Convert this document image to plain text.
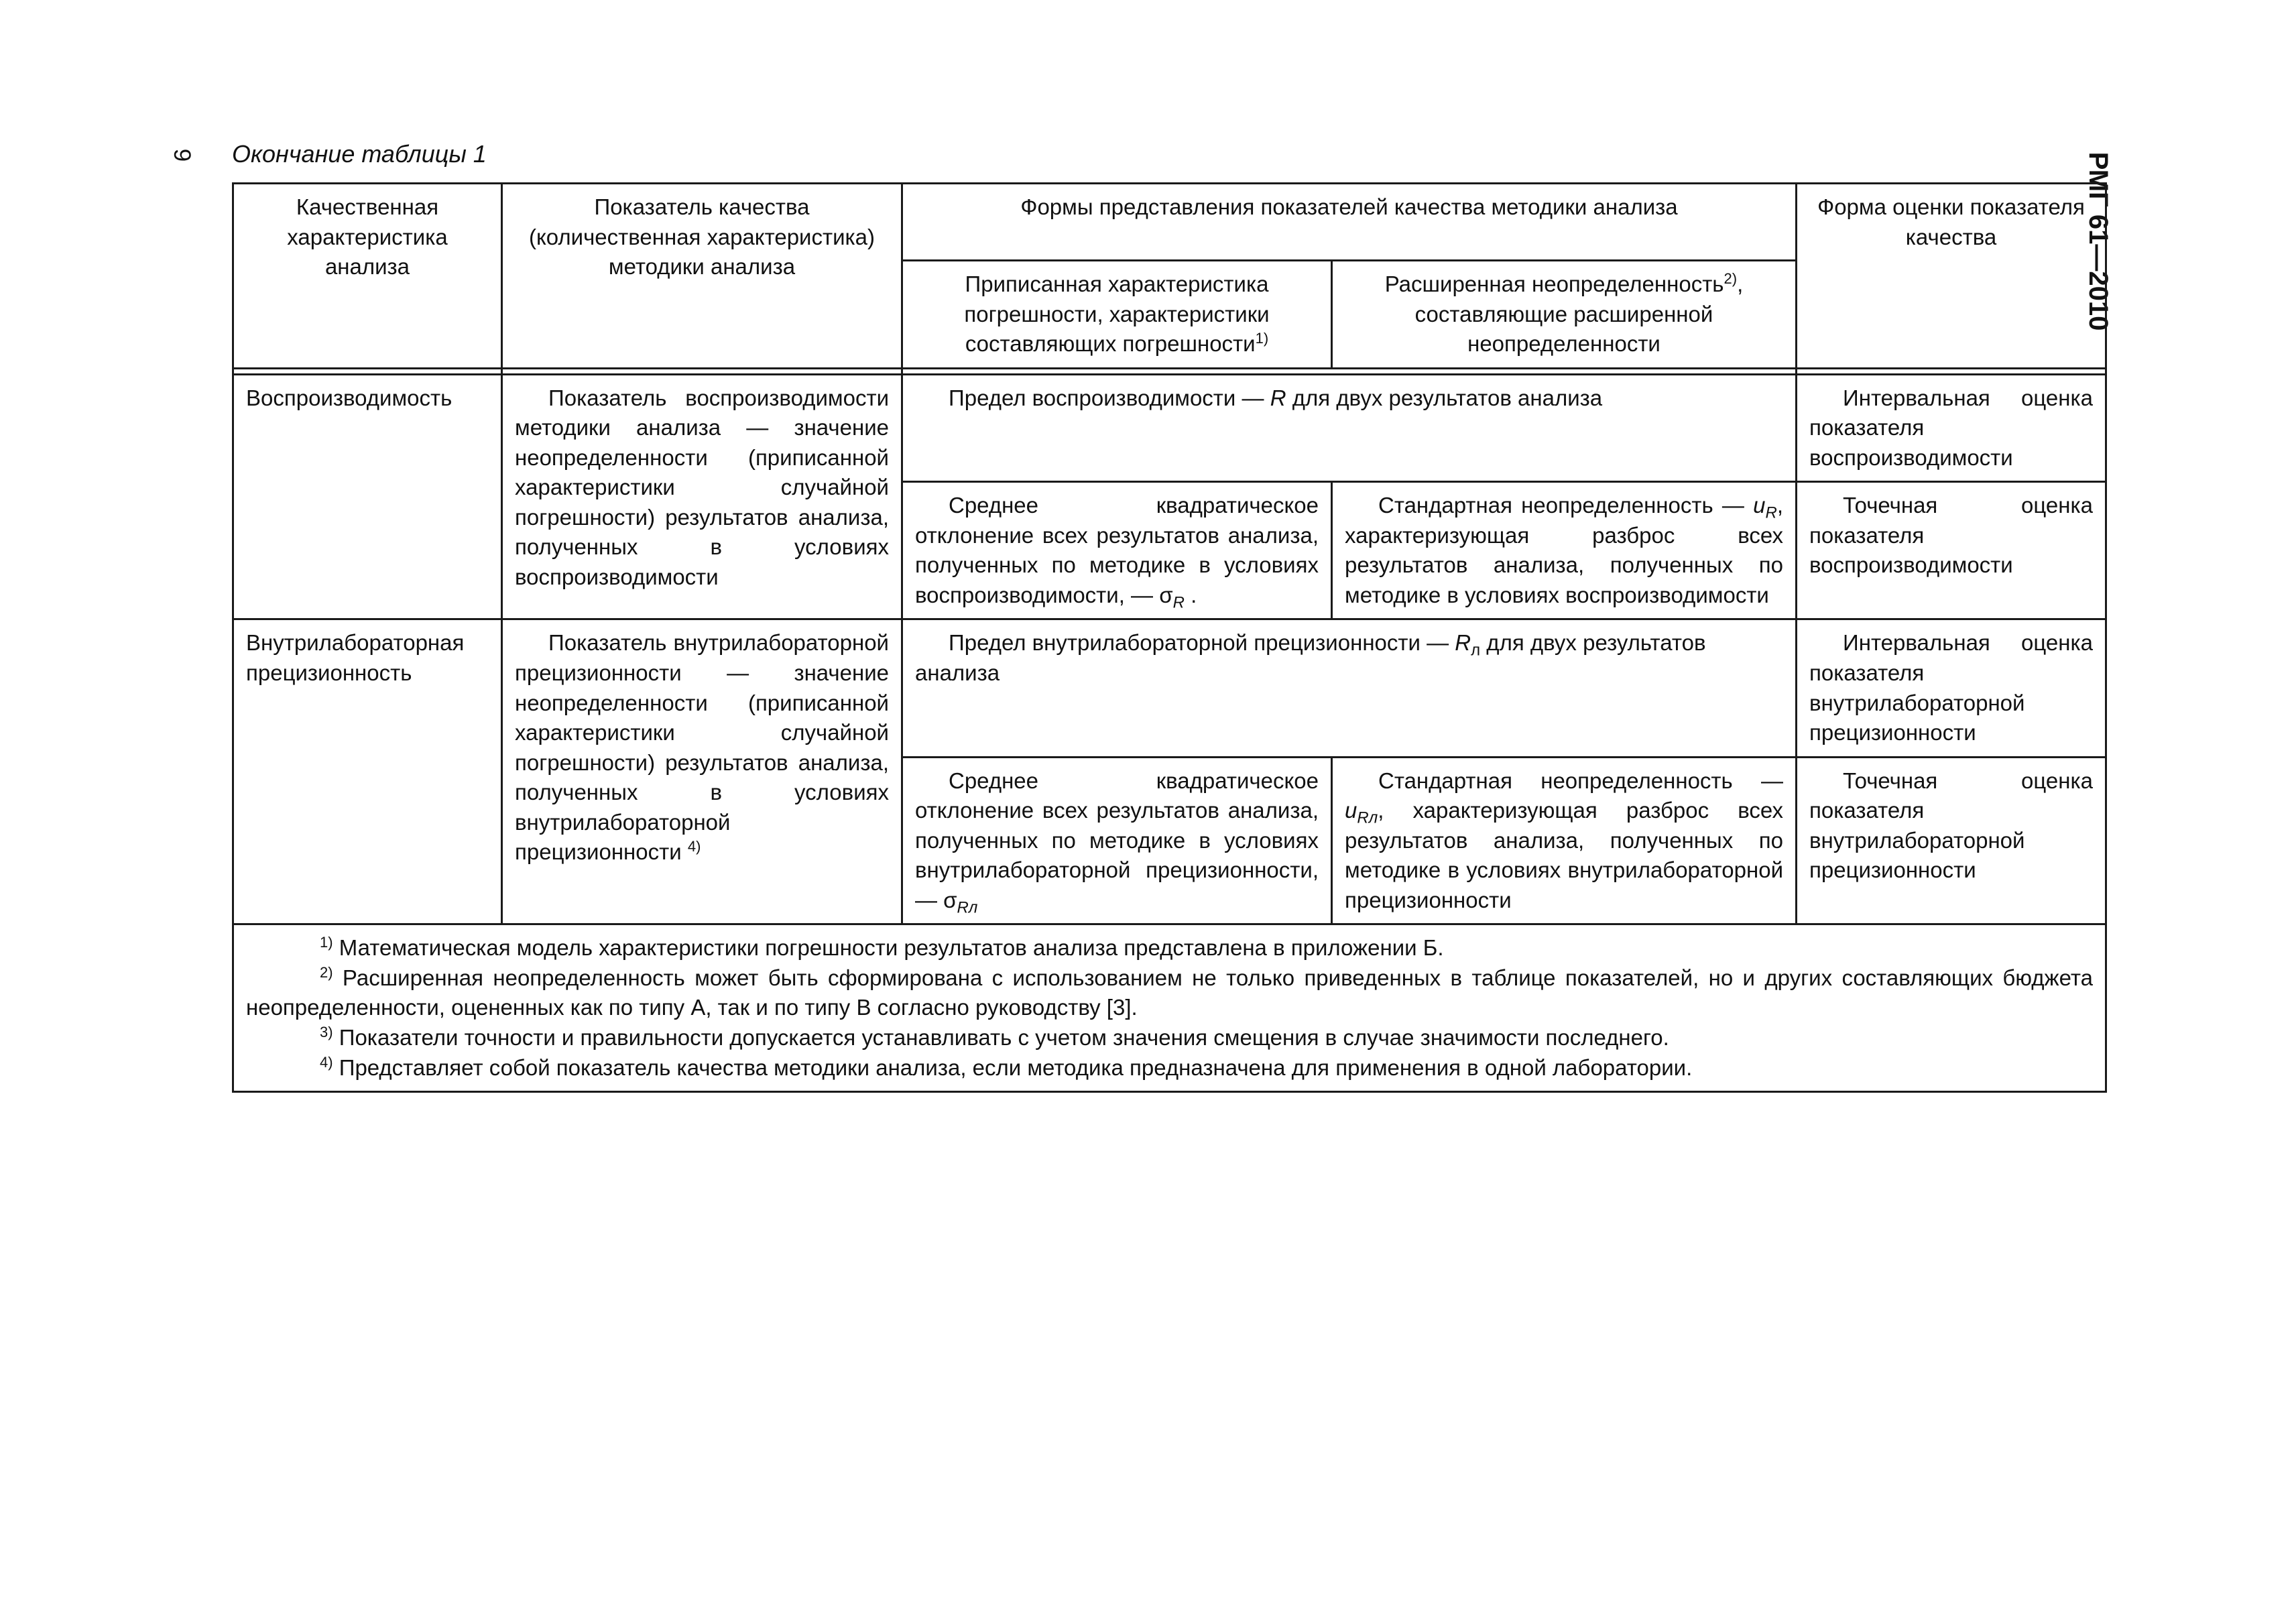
9 Окончание таблицы 1	РМГ 61—2010
Качественная характеристика анализа	Показатель качества (количественная характеристика) методики анализа	Формы представления показателей качества методики анализа		Форма оценки показателя качества
		Приписанная характеристика погрешности, характеристики составляющих погрешности$^{1)}$	Расширенная неопределенность$^{2)}$, составляющие расширенной неопределенности	

Воспроизводимость	Показатель воспроизводимости методики анализа — значение неопределенности (приписанной характеристики случайной погрешности) результатов анализа, полученных в условиях воспроизводимости	Предел воспроизводимости — R для двух результатов анализа		Интервальная оценка показателя воспроизводимости
		Среднее квадратическое отклонение всех результатов анализа, полученных по методике в условиях воспроизводимости, — $\sigma_R$ .	Стандартная неопределенность — $u_R$, характеризующая разброс всех результатов анализа, полученных по методике в условиях воспроизводимости	Точечная оценка показателя воспроизводимости
Внутрилабораторная прецизионность	Показатель внутрилабораторной прецизионности — значение неопределенности (приписанной характеристики случайной погрешности) результатов анализа, полученных в условиях внутрилабораторной прецизионности $^{4)}$	Предел внутрилабораторной прецизионности — $R_л$ для двух результатов анализа		Интервальная оценка показателя внутрилабораторной прецизионности
		Среднее квадратическое отклонение всех результатов анализа, полученных по методике в условиях внутрилабораторной прецизионности, — $\sigma_{Rл}$	Стандартная неопределенность — $u_{Rл}$, характеризующая разброс всех результатов анализа, полученных по методике в условиях внутрилабораторной прецизионности	Точечная оценка показателя внутрилабораторной прецизионности

$^{1)}$ Математическая модель характеристики погрешности результатов анализа представлена в приложении Б.
$^{2)}$ Расширенная неопределенность может быть сформирована с использованием не только приведенных в таблице показателей, но и других составляющих бюджета неопределенности, оцененных как по типу А, так и по типу В согласно руководству [3].
$^{3)}$ Показатели точности и правильности допускается устанавливать с учетом значения смещения в случае значимости последнего.
$^{4)}$ Представляет собой показатель качества методики анализа, если методика предназначена для применения в одной лаборатории.				
